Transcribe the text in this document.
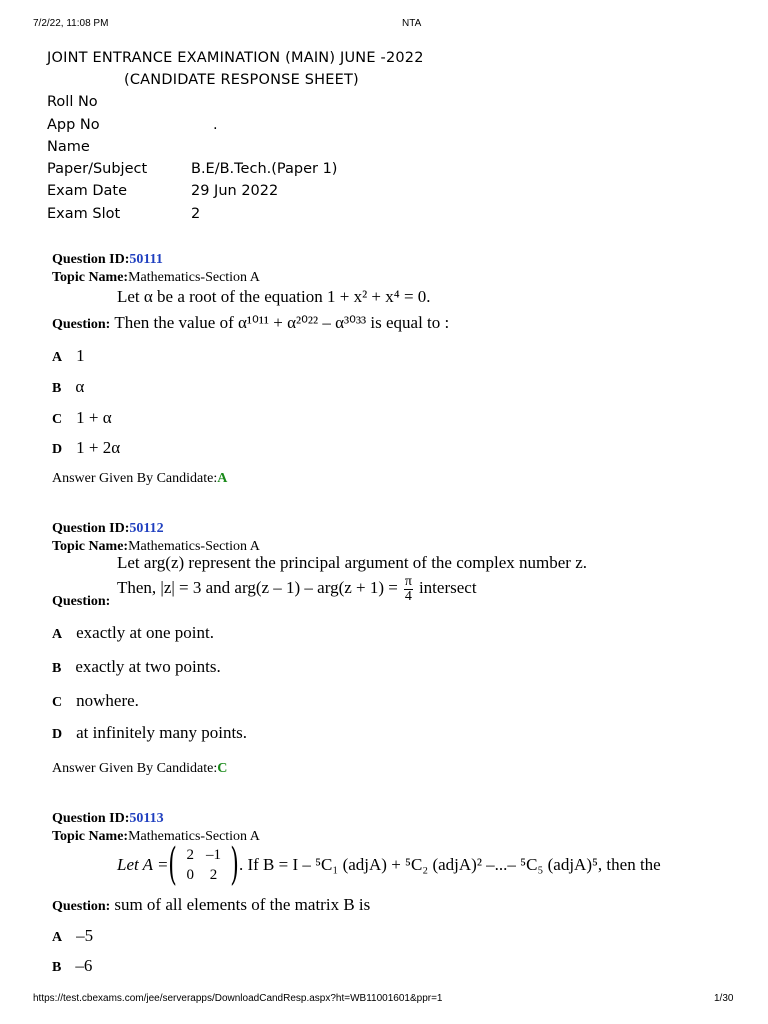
7/2/22, 11:08 PM	NTA
JOINT ENTRANCE EXAMINATION (MAIN) JUNE -2022
(CANDIDATE RESPONSE SHEET)
Roll No
App No	.
Name
Paper/Subject	B.E/B.Tech.(Paper 1)
Exam Date	29 Jun 2022
Exam Slot	2
Question ID:50111
Topic Name:Mathematics-Section A
Let α be a root of the equation 1 + x² + x⁴ = 0.
Question: Then the value of α¹⁰¹¹ + α²⁰²² – α³⁰³³ is equal to :
A 1
B α
C 1 + α
D 1 + 2α
Answer Given By Candidate:A
Question ID:50112
Topic Name:Mathematics-Section A
Let arg(z) represent the principal argument of the complex number z.
Then, |z| = 3 and $arg(z - 1) - arg(z + 1) = \frac{\pi}{4}$ intersect
Question:
A exactly at one point.
B exactly at two points.
C nowhere.
D at infinitely many points.
Answer Given By Candidate:C
Question ID:50113
Topic Name:Mathematics-Section A
Let A = ( 2	–1
0	2 ) . If B = I – ⁵C₁ (adjA) + ⁵C₂ (adjA)² –...– ⁵C₅ (adjA)⁵, then the
Question: sum of all elements of the matrix B is
A –5
B –6
https://test.cbexams.com/jee/serverapps/DownloadCandResp.aspx?ht=WB11001601&ppr=1	1/30
